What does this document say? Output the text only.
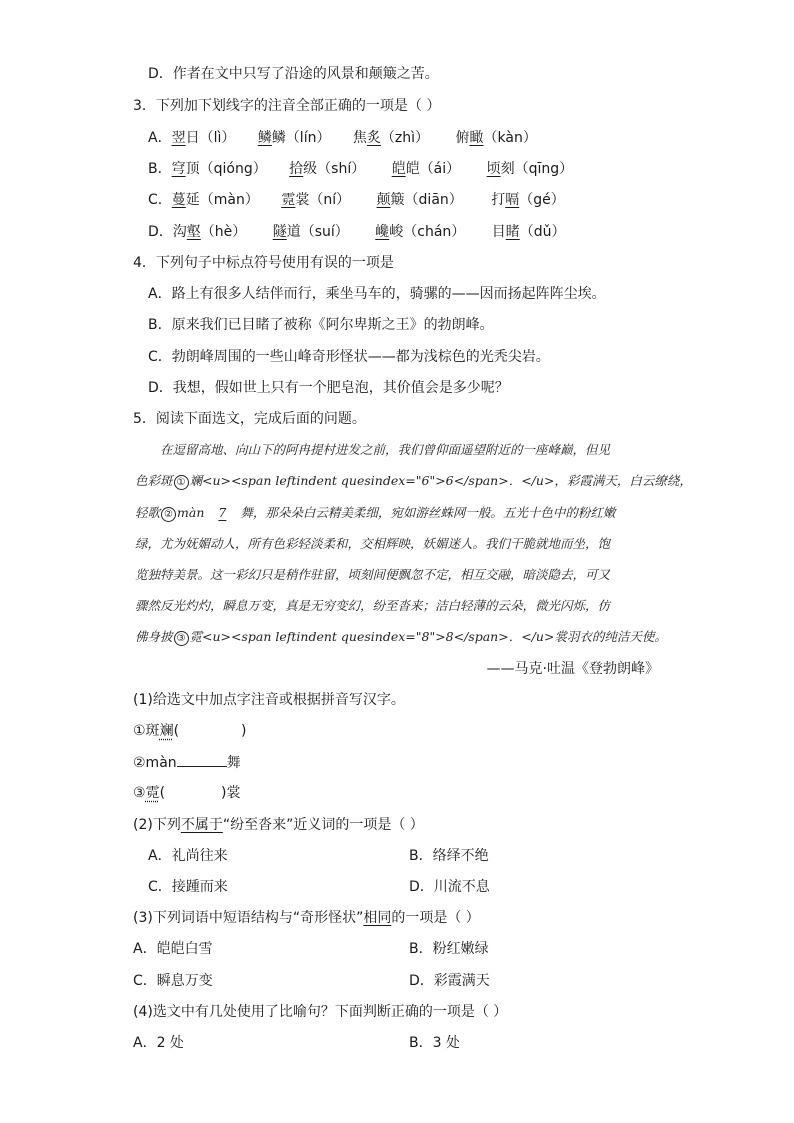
D．作者在文中只写了沿途的风景和颠簸之苦。
3．下列加下划线字的注音全部正确的一项是（ ）
A．翌日（lì） 鳞鳞（lín） 焦炙（zhì） 俯瞰（kàn）
B．穹顶（qióng） 拾级（shí） 皑皑（ái） 顷刻（qīng）
C．蔓延（màn） 霓裳（ní） 颠簸（diān） 打嗝（gé）
D．沟壑（hè） 隧道（suí） 巉峻（chán） 目睹（dǔ）
4．下列句子中标点符号使用有误的一项是
A．路上有很多人结伴而行，乘坐马车的，骑骡的——因而扬起阵阵尘埃。
B．原来我们已目睹了被称《阿尔卑斯之王》的勃朗峰。
C．勃朗峰周围的一些山峰奇形怪状——都为浅棕色的光秃尖岩。
D．我想，假如世上只有一个肥皂泡，其价值会是多少呢？
5．阅读下面选文，完成后面的问题。
在逗留高地、向山下的阿冉提村进发之前，我们曾仰面遥望附近的一座峰巅，但见
色彩斑 ① 斓<u><span leftindent quesindex="6">6</span>．</u>，彩霞满天，白云缭绕，
轻歌 ② màn 7 舞，那朵朵白云精美柔细，宛如游丝蛛网一般。五光十色中的粉红嫩
绿，尤为妩媚动人，所有色彩轻淡柔和，交相辉映，妖媚迷人。我们干脆就地而坐，饱
览独特美景。这一彩幻只是稍作驻留，顷刻间便飘忽不定，相互交融，暗淡隐去，可又
骤然反光灼灼，瞬息万变，真是无穷变幻，纷至沓来；洁白轻薄的云朵，微光闪烁，仿
佛身披 ③ 霓<u><span leftindent quesindex="8">8</span>．</u>裳羽衣的纯洁天使。
——马克·吐温《登勃朗峰》
(1)给选文中加点字注音或根据拼音写汉字。
①斑斓(	)
②màn	舞
③霓(	)裳
(2)下列不属于“纷至沓来”近义词的一项是（ ）
A．礼尚往来	B．络绎不绝
C．接踵而来	D．川流不息
(3)下列词语中短语结构与“奇形怪状”相同的一项是（ ）
A．皑皑白雪	B．粉红嫩绿
C．瞬息万变	D．彩霞满天
(4)选文中有几处使用了比喻句？下面判断正确的一项是（ ）
A．2 处	B．3 处
